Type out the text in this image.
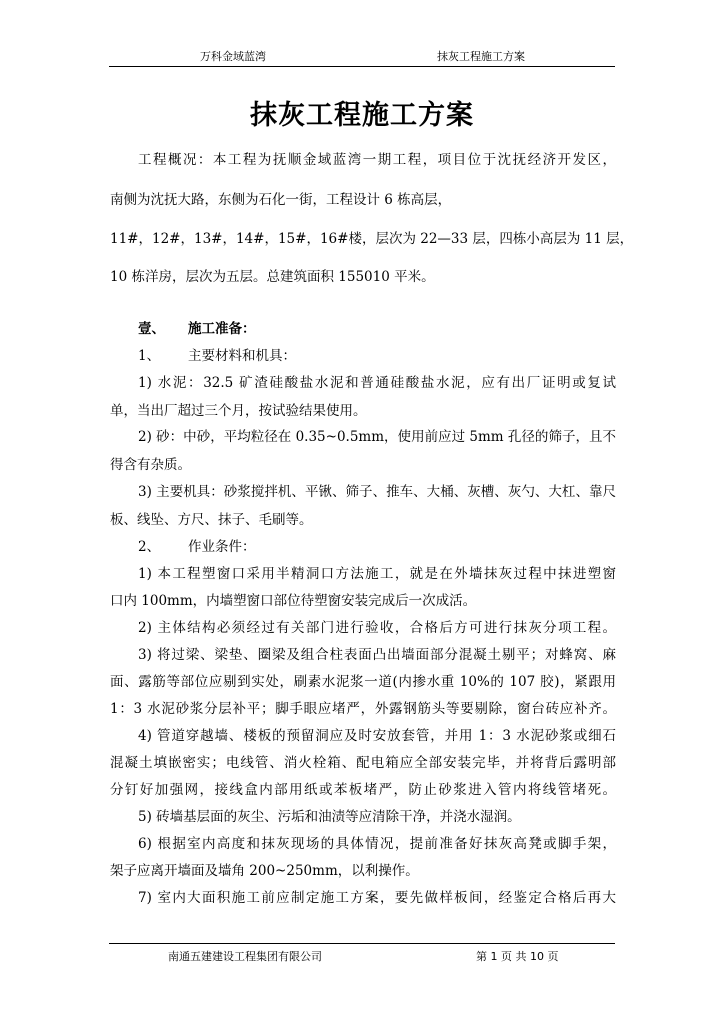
万科金域蓝湾	抹灰工程施工方案
抹灰工程施工方案
工程概况：本工程为抚顺金域蓝湾一期工程，项目位于沈抚经济开发区，
南侧为沈抚大路，东侧为石化一街，工程设计 6 栋高层，
11#，12#，13#，14#，15#，16#楼，层次为 22—33 层，四栋小高层为 11 层，
10 栋洋房，层次为五层。总建筑面积 155010 平米。
壹、 施工准备：
1、 主要材料和机具：
1) 水泥：32.5 矿渣硅酸盐水泥和普通硅酸盐水泥，应有出厂证明或复试
单，当出厂超过三个月，按试验结果使用。
2) 砂：中砂，平均粒径在 0.35~0.5mm，使用前应过 5mm 孔径的筛子，且不
得含有杂质。
3) 主要机具：砂浆搅拌机、平锹、筛子、推车、大桶、灰槽、灰勺、大杠、靠尺
板、线坠、方尺、抹子、毛刷等。
2、 作业条件：
1) 本工程塑窗口采用半精洞口方法施工，就是在外墙抹灰过程中抹进塑窗
口内 100mm，内墙塑窗口部位待塑窗安装完成后一次成活。
2) 主体结构必须经过有关部门进行验收，合格后方可进行抹灰分项工程。
3) 将过梁、梁垫、圈梁及组合柱表面凸出墙面部分混凝土剔平；对蜂窝、麻
面、露筋等部位应剔到实处，刷素水泥浆一道(内掺水重 10%的 107 胶)，紧跟用
1：3 水泥砂浆分层补平；脚手眼应堵严，外露钢筋头等要剔除，窗台砖应补齐。
4) 管道穿越墙、楼板的预留洞应及时安放套管，并用 1：3 水泥砂浆或细石
混凝土填嵌密实；电线管、消火栓箱、配电箱应全部安装完毕，并将背后露明部
分钉好加强网，接线盒内部用纸或苯板堵严，防止砂浆进入管内将线管堵死。
5) 砖墙基层面的灰尘、污垢和油渍等应清除干净，并浇水湿润。
6) 根据室内高度和抹灰现场的具体情况，提前准备好抹灰高凳或脚手架，
架子应离开墙面及墙角 200~250mm，以利操作。
7) 室内大面积施工前应制定施工方案，要先做样板间，经鉴定合格后再大
南通五建建设工程集团有限公司	第 1 页 共 10 页
